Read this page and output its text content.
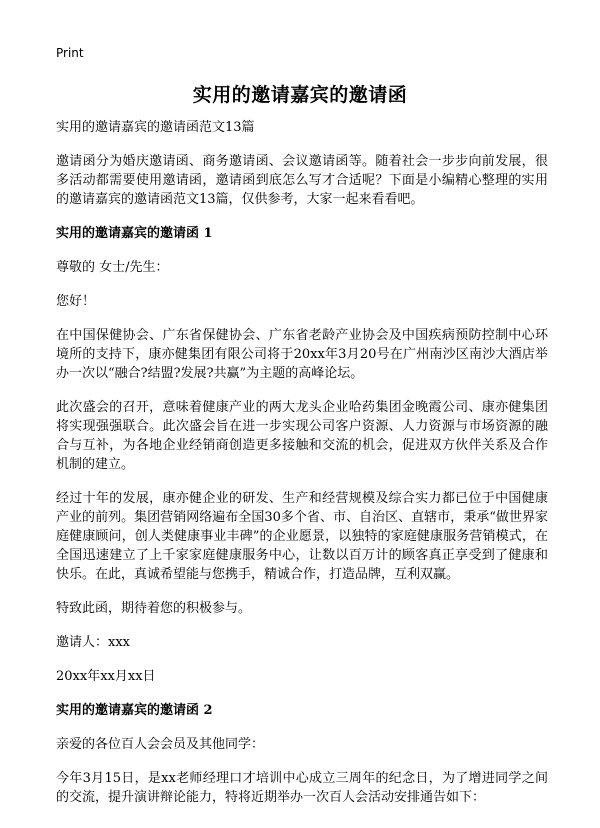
Print
实用的邀请嘉宾的邀请函

实用的邀请嘉宾的邀请函范文13篇

邀请函分为婚庆邀请函、商务邀请函、会议邀请函等。随着社会一步步向前发展，很多活动都需要使用邀请函，邀请函到底怎么写才合适呢？下面是小编精心整理的实用的邀请嘉宾的邀请函范文13篇，仅供参考，大家一起来看看吧。

实用的邀请嘉宾的邀请函 1

尊敬的 女士/先生：

您好！

在中国保健协会、广东省保健协会、广东省老龄产业协会及中国疾病预防控制中心环境所的支持下，康亦健集团有限公司将于20xx年3月20号在广州南沙区南沙大酒店举办一次以“融合?结盟?发展?共赢”为主题的高峰论坛。

此次盛会的召开，意味着健康产业的两大龙头企业哈药集团金晚霞公司、康亦健集团将实现强强联合。此次盛会旨在进一步实现公司客户资源、人力资源与市场资源的融合与互补，为各地企业经销商创造更多接触和交流的机会，促进双方伙伴关系及合作机制的建立。

经过十年的发展，康亦健企业的研发、生产和经营规模及综合实力都已位于中国健康产业的前列。集团营销网络遍布全国30多个省、市、自治区、直辖市，秉承“做世界家庭健康顾问，创人类健康事业丰碑”的企业愿景，以独特的家庭健康服务营销模式，在全国迅速建立了上千家家庭健康服务中心，让数以百万计的顾客真正享受到了健康和快乐。在此，真诚希望能与您携手，精诚合作，打造品牌，互利双赢。

特致此函，期待着您的积极参与。

邀请人：xxx

20xx年xx月xx日

实用的邀请嘉宾的邀请函 2

亲爱的各位百人会会员及其他同学：

今年3月15日，是xx老师经理口才培训中心成立三周年的纪念日，为了增进同学之间的交流，提升演讲辩论能力，特将近期举办一次百人会活动安排通告如下：
